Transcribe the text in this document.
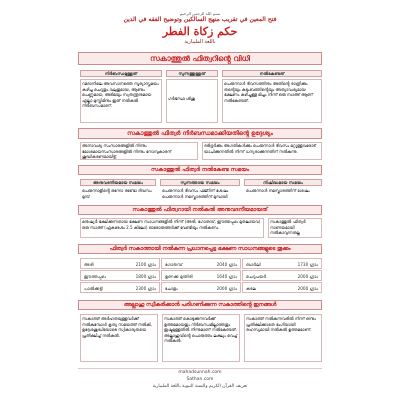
بسم الله الرحمن الرحيم
فتح المعين في تقريب منهج السالكين وتوضيح الفقه في الدين
حكم زكاة الفطر
باللغة المليبارية
സകാത്തുൽ ഫിത്വറിൻ്റെ വിധി
നിർബന്ധമുള്ളത്	സുന്നത്തുള്ളത്	നൽകേണ്ടത്
റമദാനിലെ അവസാനത്തെ സൂര്യാസ്തമയം കഴിച്ച ചെറുതും വലുതുമായ, ആണും പെണ്ണുമായ, അടിമയും സ്വതന്ത്രനുമായ എല്ലാ മുസ്ലിമിനും ഇത് നൽകൽ നിർബന്ധമാണ്.
ഗർഭസ്ഥ ശിശു
പെരുന്നാൾ ദിവസത്തിനും അതിൻ്റെ രാത്രിക്കും തൻ്റെയും കുടുംബത്തിൻ്റെയും അത്യാവശ്യമായ ഭക്ഷണം കഴിച്ചുള്ള മിച്ചം നിന്ന് ഒരു സാഅ് ആണ് നൽകേണ്ടത്.
സകാത്തുൽ ഫിത്വർ നിർബന്ധമാക്കിയതിൻ്റെ ഉദ്ദേശ്യം
അനാവശ്യ സംസാരങ്ങളിൽ നിന്നും മോശമായസംസാരങ്ങളിൽ നിന്നും നോമ്പുകാരന് ശുദ്ധീകരണമായിട്ട്.
ദരിദ്രർക്കും അഗതികൾക്കും പെരുന്നാൾ ദിവസം മറ്റുള്ളവരോട് യാചിക്കുന്നതിൽ നിന്ന് ധന്യരാക്കുന്നതിന് നൽകുന്നു.
സകാത്തുൽ ഫിത്വർ നൽകേണ്ട സമയം
അനുവദനീയമായ സമയം	സുന്നത്തായ സമയം	നിഷിദ്ധമായ സമയം
പെരുന്നാളിൻ്റെ ഒന്നോ രണ്ടോ ദിവസം മുമ്പ്
പെരുന്നാൾ ദിവസം ഫജ്റിന് ശേഷം പെരുന്നാൾ നമസ്കാരത്തിന് മുമ്പായി
പെരുന്നാൾ നമസ്കാരത്തിന് ശേഷം
സകാത്തുൽ ഫിത്വറായി നൽകൽ അനുവദനീയമായത്
മനുഷ്യർ ഭക്ഷിക്കുന്നതായ ഭക്ഷണ സാധനങ്ങളിൽ നിന്ന് (അരി, ഗോതമ്പ്, ഈത്തപ്പഴം മുതലായവ) ഒരു സാഅ് (ഏകദേശം 2.5 കിലോ) ഓരോരുത്തർക്ക് വേണ്ടിയും നൽകണം.
സകാത്തുൽ ഫിത്വർ നാണയമായി നൽകാവുന്നതല്ല
ഫിത്വർ സകാത്തായി നൽകുന്ന പ്രധാനപ്പെട്ട ഭക്ഷണ സാധനങ്ങളുടെ തൂക്കം
അരി	2100 ഗ്രാം ഗോതമ്പ്	2040 ഗ്രാം ബാർലി	1730 ഗ്രാം
ഈത്തപ്പഴം	1800 ഗ്രാം ഉണക്ക മുന്തിരി	1640 ഗ്രാം ചെറുപയർ	2000 ഗ്രാം
പാൽക്കട്ടി	2300 ഗ്രാം ചോളം	2000 ഗ്രാം കടല	2000 ഗ്രാം
അല്ലാഹു സ്വീകരിക്കാൻ പരിഗണിക്കുന്ന സകാത്തിൻ്റെ ഇനങ്ങൾ
സകാത്ത് അർഹതയുള്ളവർക്ക് നൽകുമ്പോൾ കൃത്യ സമയത്ത് നൽകി, ഉദ്ദേശശുദ്ധിയോടെ സ്വീകാര്യതയെ പ്രതീക്ഷിച്ച് നൽകൽ.
സകാത്ത് കൊടുക്കുന്നവർക്ക് ഉത്തമമായതും നിർബന്ധമില്ലാത്തതും ഇഷ്ടമുള്ളതിൽ നിന്നുമാണ് നൽകേണ്ടത്. അല്ലാഹുവിൻ്റെ പൊരുത്തം ലക്ഷ്യം വെച്ച് നൽകൽ.
സകാത്ത് നൽകുന്നവരിൽ നിന്ന് ഒന്നും പ്രതീക്ഷിക്കാതെ ഭംഗിയായി രഹസ്യമായി നൽകൽ ഉത്തമമാണ്.
mahadsunnah.com
Sathan.com
تعريف القرآن الكريم والسنة النبوية باللغة المليبارية
